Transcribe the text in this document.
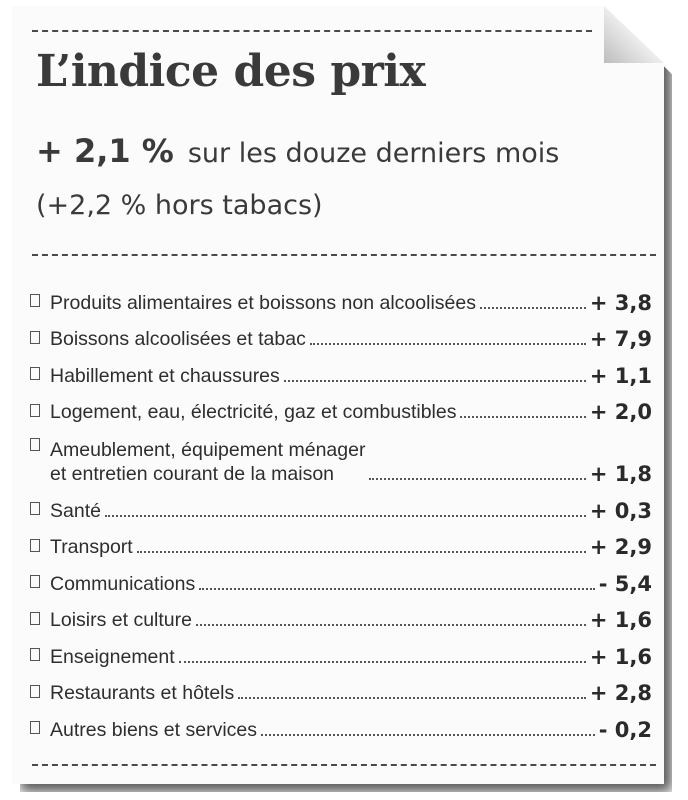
L’indice des prix
+ 2,1 % sur les douze derniers mois
(+2,2 % hors tabacs)
Produits alimentaires et boissons non alcoolisées	+ 3,8
Boissons alcoolisées et tabac	+ 7,9
Habillement et chaussures	+ 1,1
Logement, eau, électricité, gaz et combustibles	+ 2,0
Ameublement, équipement ménager
et entretien courant de la maison	+ 1,8
Santé	+ 0,3
Transport	+ 2,9
Communications	- 5,4
Loisirs et culture	+ 1,6
Enseignement	+ 1,6
Restaurants et hôtels	+ 2,8
Autres biens et services	- 0,2
